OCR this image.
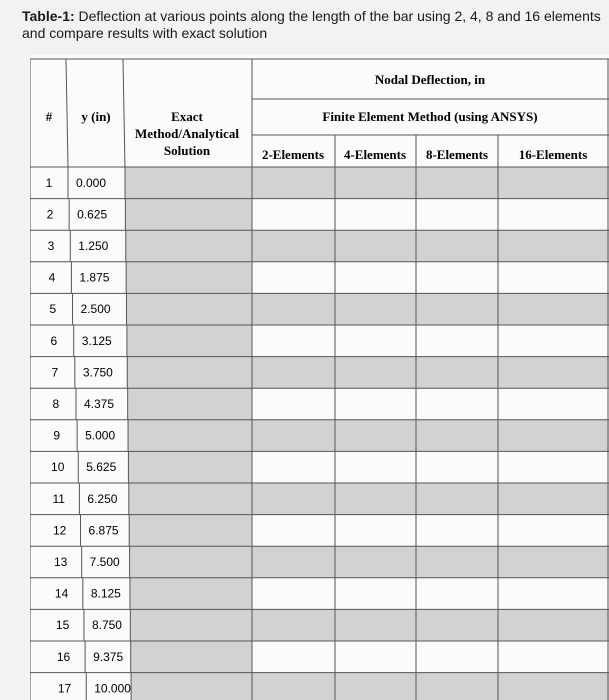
Table-1: Deflection at various points along the length of the bar using 2, 4, 8 and 16 elements and compare results with exact solution
Nodal Deflection, in
Finite Element Method (using ANSYS)
# y (in)	Exact
Method/Analytical
Solution	2-Elements 4-Elements 8-Elements 16-Elements
1 0.000
2 0.625
3 1.250
4 1.875
5 2.500
6 3.125
7 3.750
8 4.375
9 5.000
10 5.625
11 6.250
12 6.875
13 7.500
14 8.125
15 8.750
16 9.375
17 10.000
